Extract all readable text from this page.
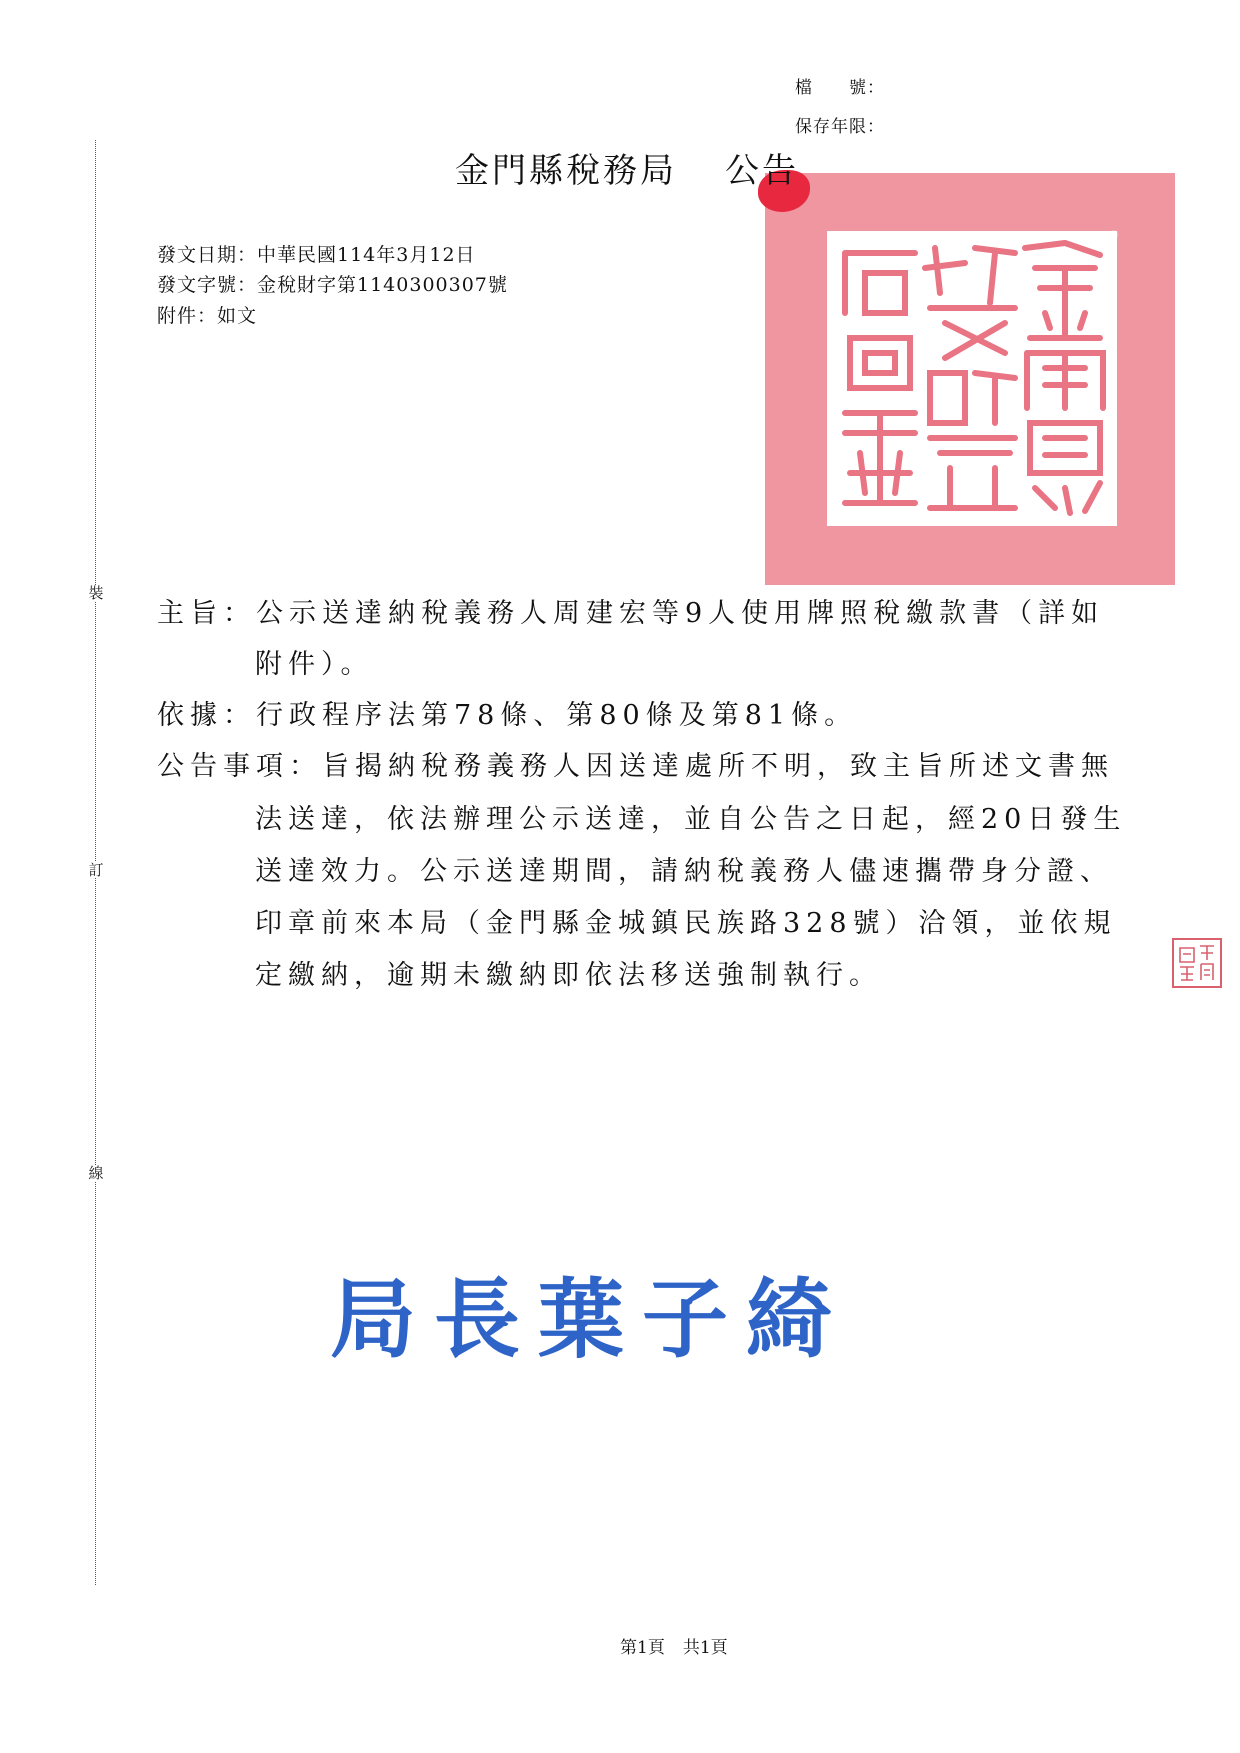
裝
訂
線
檔　　號：
保存年限：
金門縣稅務局 公告
發文日期：中華民國114年3月12日
發文字號：金稅財字第1140300307號
附件：如文
主旨：公示送達納稅義務人周建宏等9人使用牌照稅繳款書（詳如
附件）。
依據：行政程序法第78條、第80條及第81條。
公告事項：旨揭納稅務義務人因送達處所不明，致主旨所述文書無
法送達，依法辦理公示送達，並自公告之日起，經20日發生
送達效力。公示送達期間，請納稅義務人儘速攜帶身分證、
印章前來本局（金門縣金城鎮民族路328號）洽領，並依規
定繳納，逾期未繳納即依法移送強制執行。
局長葉子綺
第1頁 共1頁
